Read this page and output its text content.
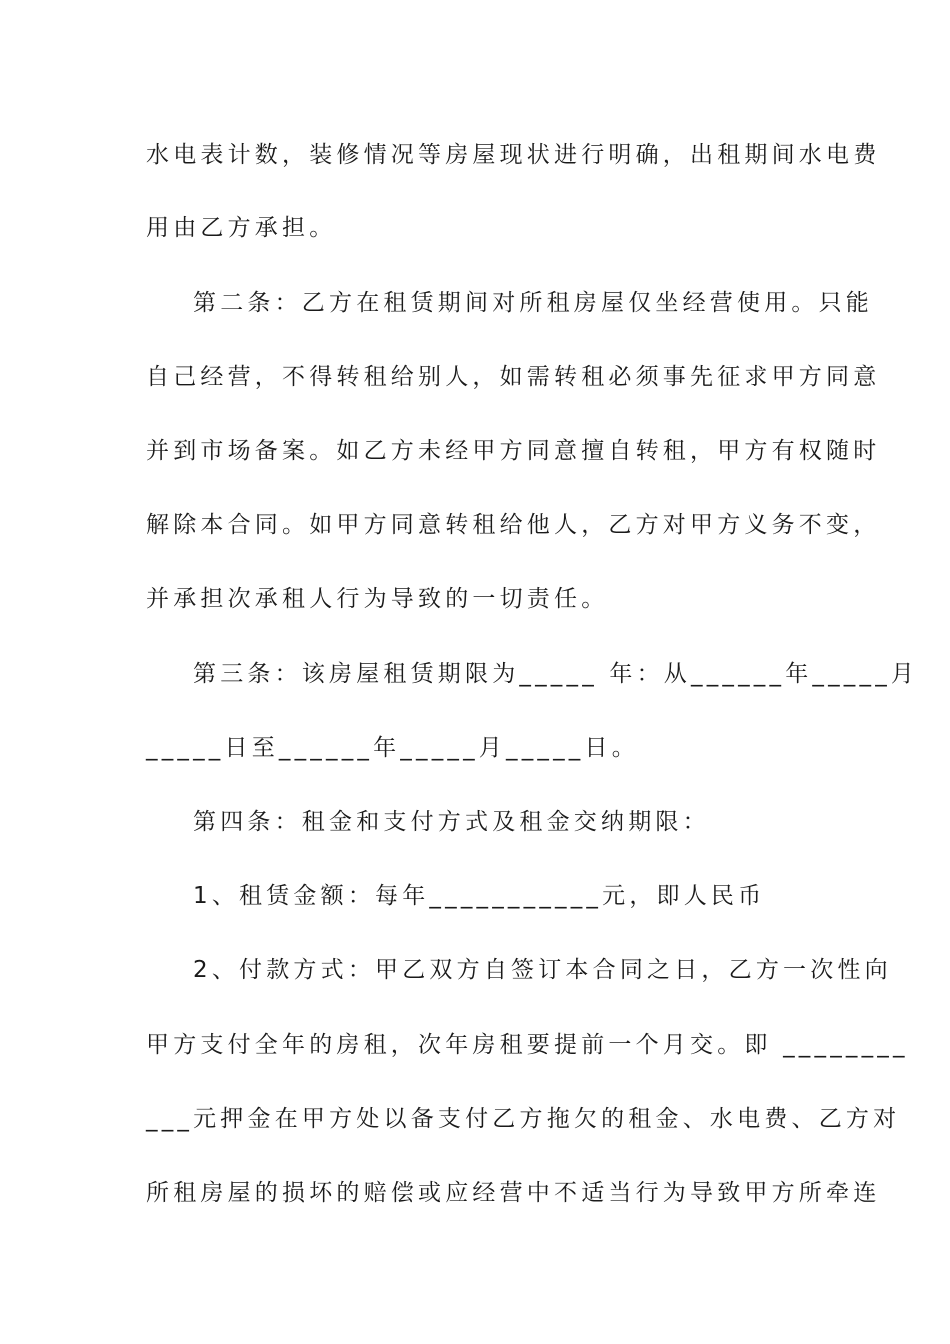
水电表计数，装修情况等房屋现状进行明确，出租期间水电费
用由乙方承担。
第二条：乙方在租赁期间对所租房屋仅坐经营使用。只能
自己经营，不得转租给别人，如需转租必须事先征求甲方同意
并到市场备案。如乙方未经甲方同意擅自转租，甲方有权随时
解除本合同。如甲方同意转租给他人，乙方对甲方义务不变，
并承担次承租人行为导致的一切责任。
第三条：该房屋租赁期限为_____ 年：从______年_____月
_____日至______年_____月_____日。
第四条：租金和支付方式及租金交纳期限：
1、租赁金额：每年___________元，即人民币
2、付款方式：甲乙双方自签订本合同之日，乙方一次性向
甲方支付全年的房租，次年房租要提前一个月交。即 ________
___元押金在甲方处以备支付乙方拖欠的租金、水电费、乙方对
所租房屋的损坏的赔偿或应经营中不适当行为导致甲方所牵连
